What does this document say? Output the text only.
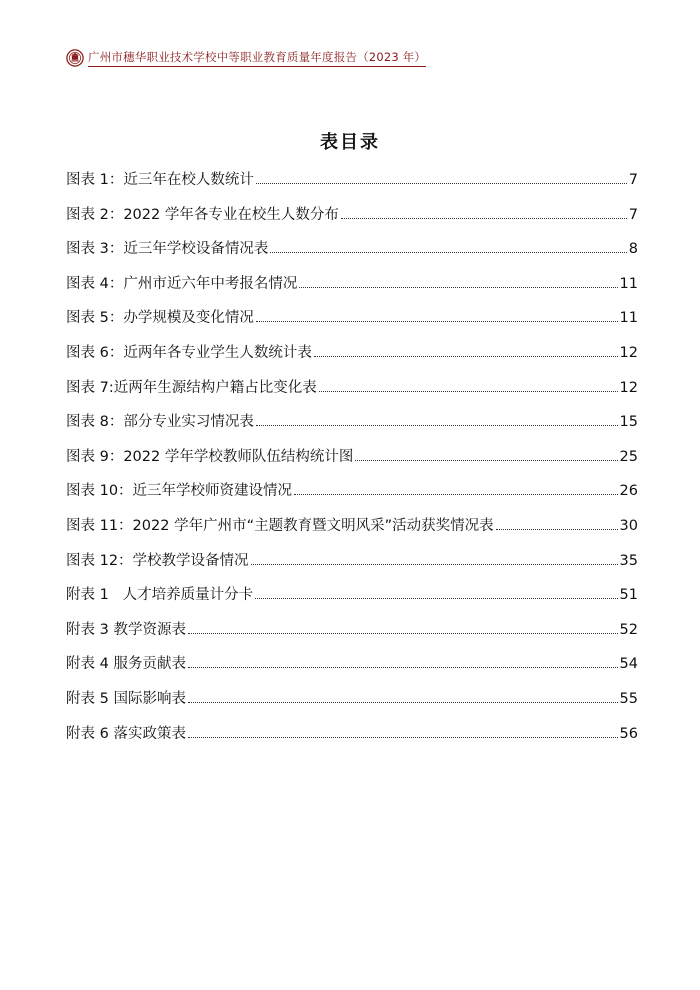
广州市穗华职业技术学校中等职业教育质量年度报告（2023 年）
表目录
图表 1：近三年在校人数统计	7
图表 2：2022 学年各专业在校生人数分布	7
图表 3：近三年学校设备情况表	8
图表 4：广州市近六年中考报名情况	11
图表 5：办学规模及变化情况	11
图表 6：近两年各专业学生人数统计表	12
图表 7:近两年生源结构户籍占比变化表	12
图表 8：部分专业实习情况表	15
图表 9：2022 学年学校教师队伍结构统计图	25
图表 10：近三年学校师资建设情况	26
图表 11：2022 学年广州市“主题教育暨文明风采”活动获奖情况表	30
图表 12：学校教学设备情况	35
附表 1   人才培养质量计分卡	51
附表 3 教学资源表	52
附表 4 服务贡献表	54
附表 5 国际影响表	55
附表 6 落实政策表	56
